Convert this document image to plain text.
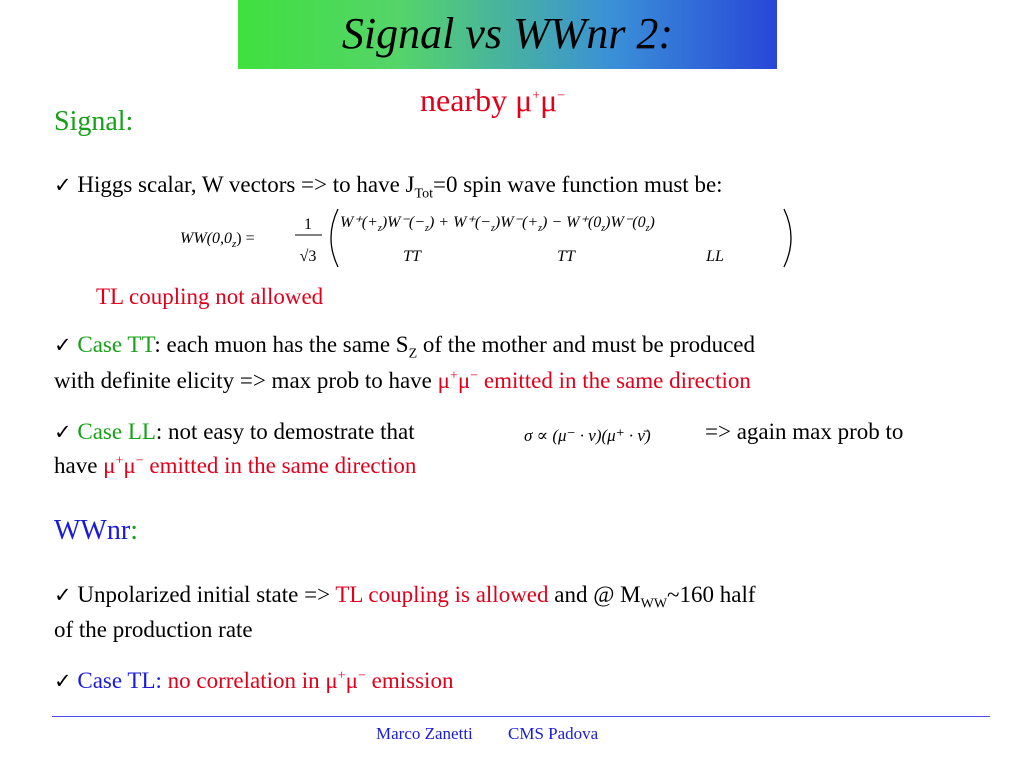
Signal vs WWnr 2:
nearby μ+μ−
Signal:
✓ Higgs scalar, W vectors => to have $J_{Tot}=0$ spin wave function must be:
$WW(0,0_z)$ =
1
√3
$W^+(+_z)W^-(-_z) + W^+(-_z)W^-(+_z) - W^+(0_z)W^-(0_z)$
TT	TT	LL
TL coupling not allowed
✓ Case TT: each muon has the same $S_Z$ of the mother and must be produced
with definite elicity => max prob to have μ+μ− emitted in the same direction
✓ Case LL: not easy to demostrate that	σ ∝ (μ⁻ · ν)(μ⁺ · ν̄) => again max prob to
have μ+μ− emitted in the same direction
WWnr:
✓ Unpolarized initial state => TL coupling is allowed and @ $M_{WW}\sim 160$ half
of the production rate
✓ Case TL: no correlation in μ+μ− emission
Marco Zanetti CMS Padova
